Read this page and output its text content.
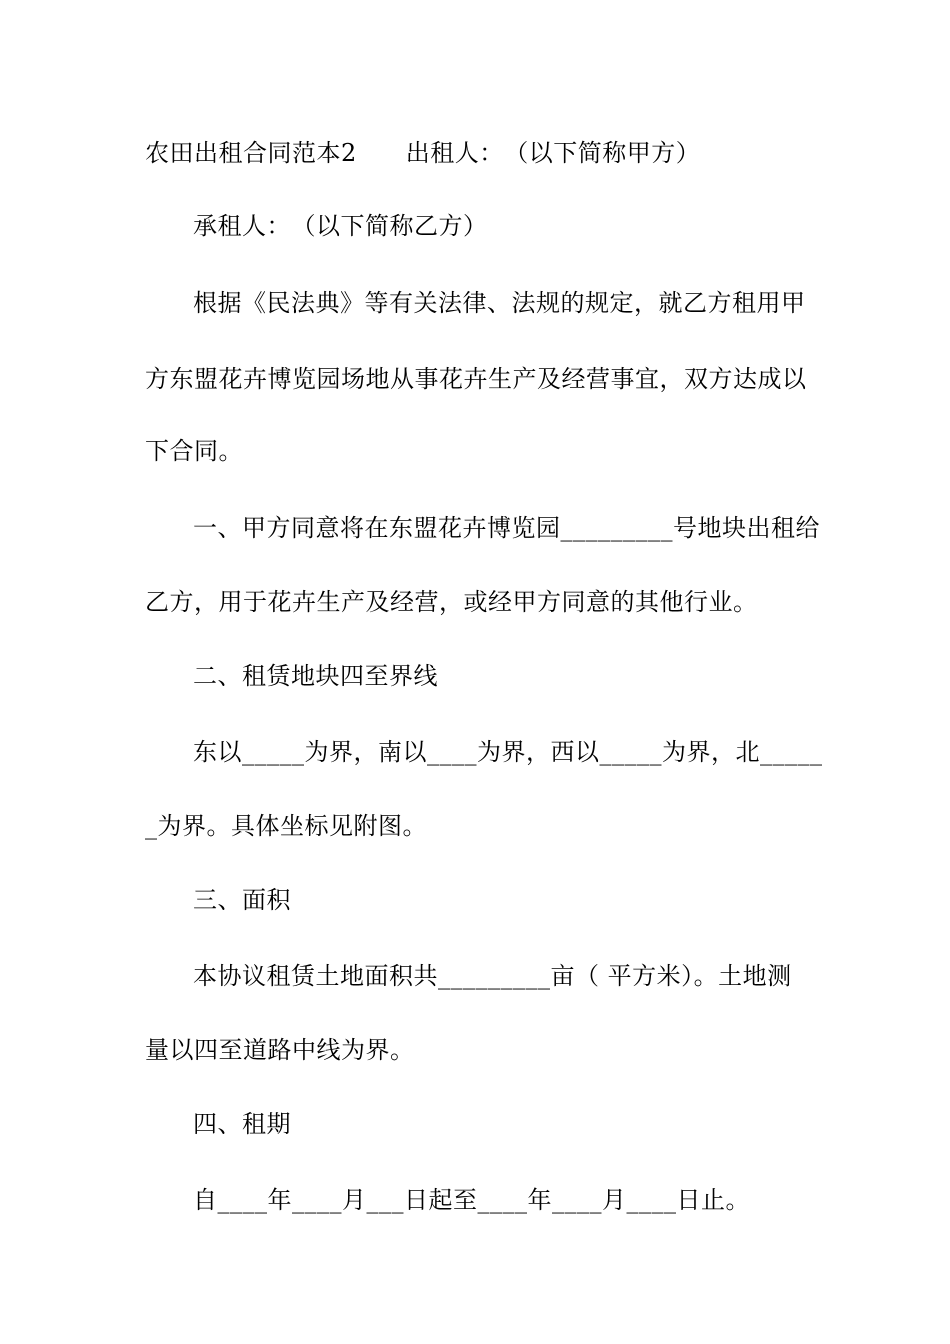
农田出租合同范本2　　出租人：　（以下简称甲方）
承租人：　（以下简称乙方）
根据《民法典》等有关法律、法规的规定，就乙方租用甲
方东盟花卉博览园场地从事花卉生产及经营事宜，双方达成以
下合同。
一、甲方同意将在东盟花卉博览园_________号地块出租给
乙方，用于花卉生产及经营，或经甲方同意的其他行业。
二、租赁地块四至界线
东以_____为界，南以____为界，西以_____为界，北_____
_为界。具体坐标见附图。
三、面积
本协议租赁土地面积共_________亩（ 平方米）。土地测
量以四至道路中线为界。
四、租期
自____年____月___日起至____年____月____日止。
